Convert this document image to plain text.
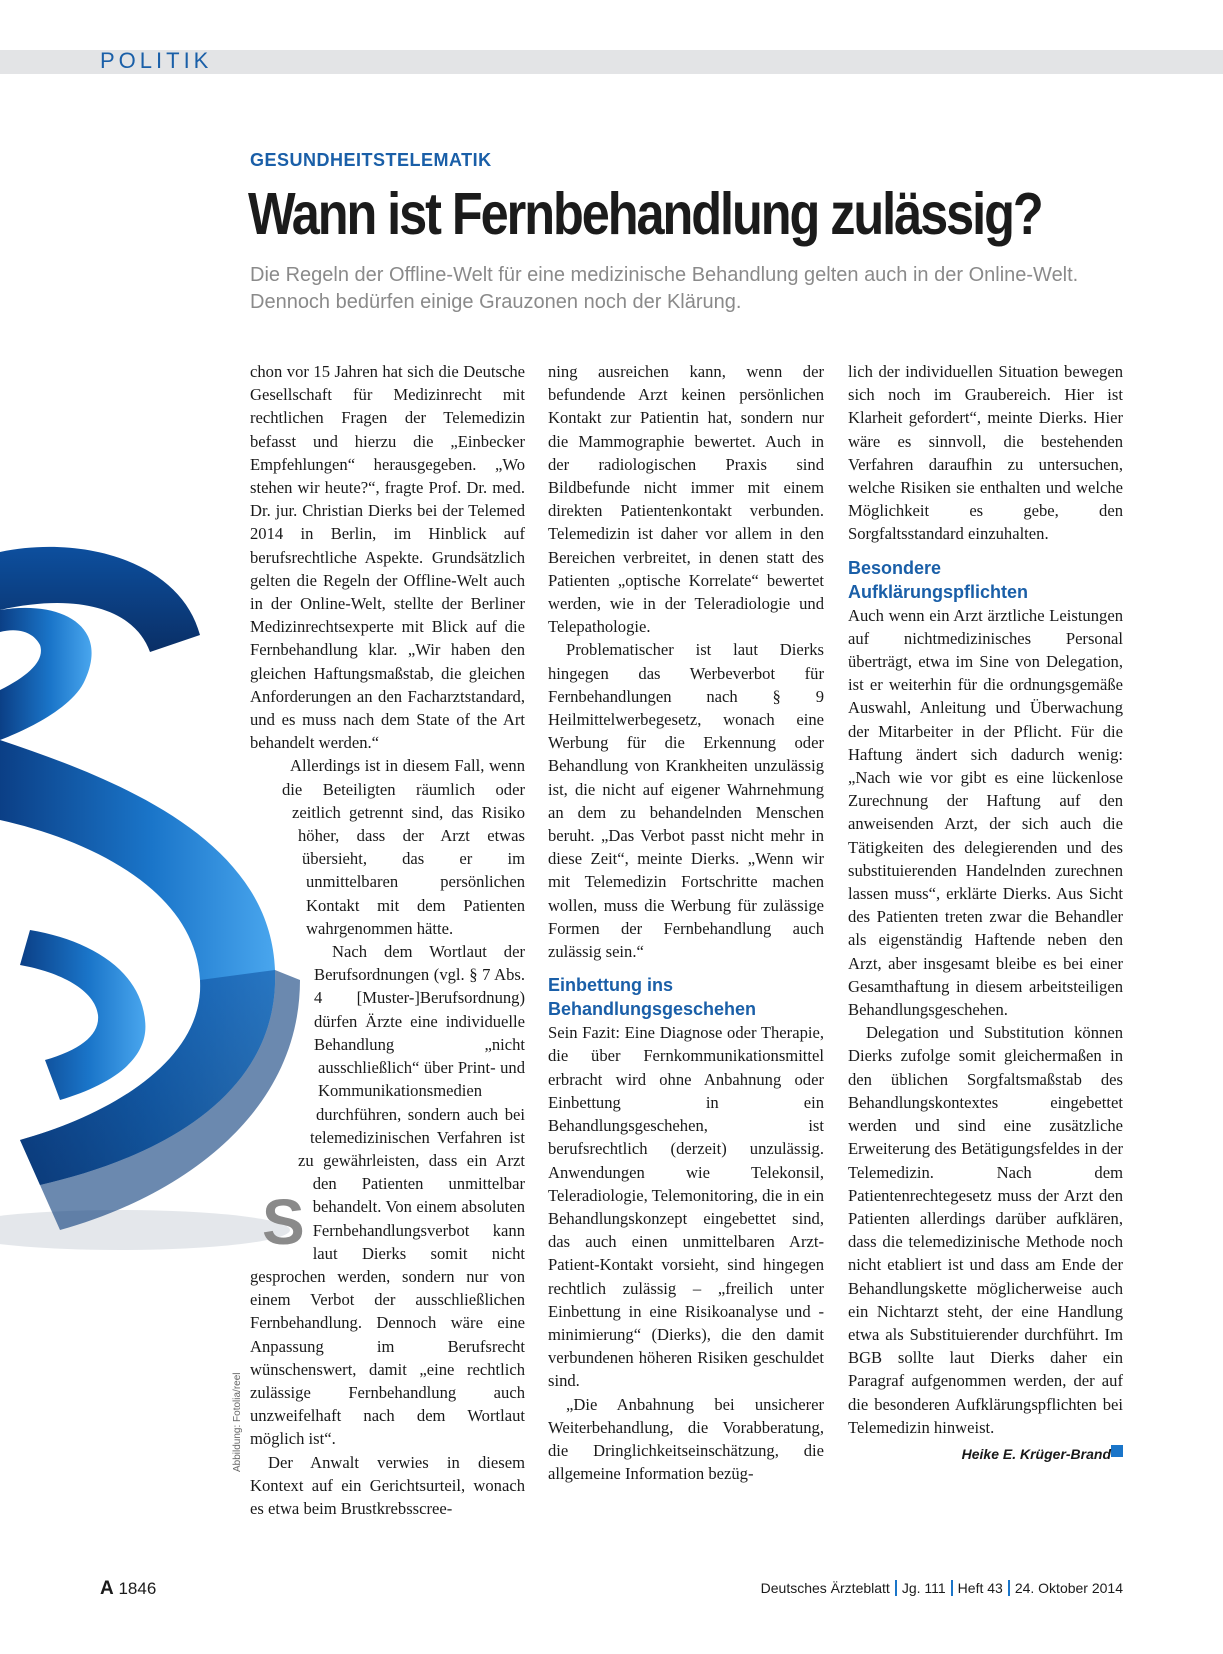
POLITIK
GESUNDHEITSTELEMATIK
Wann ist Fernbehandlung zulässig?
Die Regeln der Offline-Welt für eine medizinische Behandlung gelten auch in der Online-Welt. Dennoch bedürfen einige Grauzonen noch der Klärung.
Abbildung: Fotolia/reel
S

chon vor 15 Jahren hat sich die Deutsche Gesellschaft für Medizinrecht mit rechtlichen Fragen der Telemedizin befasst und hierzu die „Einbecker Empfehlungen“ herausgegeben. „Wo stehen wir heute?“, fragte Prof. Dr. med. Dr. jur. Christian Dierks bei der Telemed 2014 in Berlin, im Hinblick auf berufsrechtliche Aspekte. Grundsätzlich gelten die Regeln der Offline-Welt auch in der Online-Welt, stellte der Berliner Medizinrechtsexperte mit Blick auf die Fernbehandlung klar. „Wir haben den gleichen Haftungsmaßstab, die gleichen Anforderungen an den Facharztstandard, und es muss nach dem State of the Art behandelt werden.“

Allerdings ist in diesem Fall, wenn die Beteiligten räumlich oder zeitlich getrennt sind, das Risiko höher, dass der Arzt etwas übersieht, das er im unmittelbaren persönlichen Kontakt mit dem Patienten wahrgenommen hätte.

Nach dem Wortlaut der Berufsordnungen (vgl. § 7 Abs. 4 [Muster-]Berufsordnung) dürfen Ärzte eine individuelle Behandlung „nicht ausschließlich“ über Print- und Kommunikationsmedien durchführen, sondern auch bei telemedizinischen Verfahren ist zu gewährleisten, dass ein Arzt den Patienten unmittelbar behandelt. Von einem absoluten Fernbehandlungsverbot kann laut Dierks somit nicht gesprochen werden, sondern nur von einem Verbot der ausschließlichen Fernbehandlung. Dennoch wäre eine Anpassung im Berufsrecht wünschenswert, damit „eine rechtlich zulässige Fernbehandlung auch unzweifelhaft nach dem Wortlaut möglich ist“.

Der Anwalt verwies in diesem Kontext auf ein Gerichtsurteil, wonach es etwa beim Brustkrebsscree-

ning ausreichen kann, wenn der befundende Arzt keinen persönlichen Kontakt zur Patientin hat, sondern nur die Mammographie bewertet. Auch in der radiologischen Praxis sind Bildbefunde nicht immer mit einem direkten Patientenkontakt verbunden. Telemedizin ist daher vor allem in den Bereichen verbreitet, in denen statt des Patienten „optische Korrelate“ bewertet werden, wie in der Teleradiologie und Telepathologie.

Problematischer ist laut Dierks hingegen das Werbeverbot für Fernbehandlungen nach § 9 Heilmittelwerbegesetz, wonach eine Werbung für die Erkennung oder Behandlung von Krankheiten unzulässig ist, die nicht auf eigener Wahrnehmung an dem zu behandelnden Menschen beruht. „Das Verbot passt nicht mehr in diese Zeit“, meinte Dierks. „Wenn wir mit Telemedizin Fortschritte machen wollen, muss die Werbung für zulässige Formen der Fernbehandlung auch zulässig sein.“

Einbettung ins Behandlungsgeschehen

Sein Fazit: Eine Diagnose oder Therapie, die über Fernkommunikationsmittel erbracht wird ohne Anbahnung oder Einbettung in ein Behandlungsgeschehen, ist berufsrechtlich (derzeit) unzulässig. Anwendungen wie Telekonsil, Teleradiologie, Telemonitoring, die in ein Behandlungskonzept eingebettet sind, das auch einen unmittelbaren Arzt-Patient-Kontakt vorsieht, sind hingegen rechtlich zulässig – „freilich unter Einbettung in eine Risikoanalyse und -minimierung“ (Dierks), die den damit verbundenen höheren Risiken geschuldet sind.

„Die Anbahnung bei unsicherer Weiterbehandlung, die Vorabberatung, die Dringlichkeitseinschätzung, die allgemeine Information bezüg-

lich der individuellen Situation bewegen sich noch im Graubereich. Hier ist Klarheit gefordert“, meinte Dierks. Hier wäre es sinnvoll, die bestehenden Verfahren daraufhin zu untersuchen, welche Risiken sie enthalten und welche Möglichkeit es gebe, den Sorgfaltsstandard einzuhalten.

Besondere Aufklärungspflichten

Auch wenn ein Arzt ärztliche Leistungen auf nichtmedizinisches Personal überträgt, etwa im Sine von Delegation, ist er weiterhin für die ordnungsgemäße Auswahl, Anleitung und Überwachung der Mitarbeiter in der Pflicht. Für die Haftung ändert sich dadurch wenig: „Nach wie vor gibt es eine lückenlose Zurechnung der Haftung auf den anweisenden Arzt, der sich auch die Tätigkeiten des delegierenden und des substituierenden Handelnden zurechnen lassen muss“, erklärte Dierks. Aus Sicht des Patienten treten zwar die Behandler als eigenständig Haftende neben den Arzt, aber insgesamt bleibe es bei einer Gesamthaftung in diesem arbeitsteiligen Behandlungsgeschehen.

Delegation und Substitution können Dierks zufolge somit gleichermaßen in den üblichen Sorgfaltsmaßstab des Behandlungskontextes eingebettet werden und sind eine zusätzliche Erweiterung des Betätigungsfeldes in der Telemedizin. Nach dem Patientenrechtegesetz muss der Arzt den Patienten allerdings darüber aufklären, dass die telemedizinische Methode noch nicht etabliert ist und dass am Ende der Behandlungskette möglicherweise auch ein Nichtarzt steht, der eine Handlung etwa als Substituierender durchführt. Im BGB sollte laut Dierks daher ein Paragraf aufgenommen werden, der auf die besonderen Aufklärungspflichten bei Telemedizin hinweist.

Heike E. Krüger-Brand
A 1846	Deutsches Ärzteblatt Jg. 111 Heft 43 24. Oktober 2014
